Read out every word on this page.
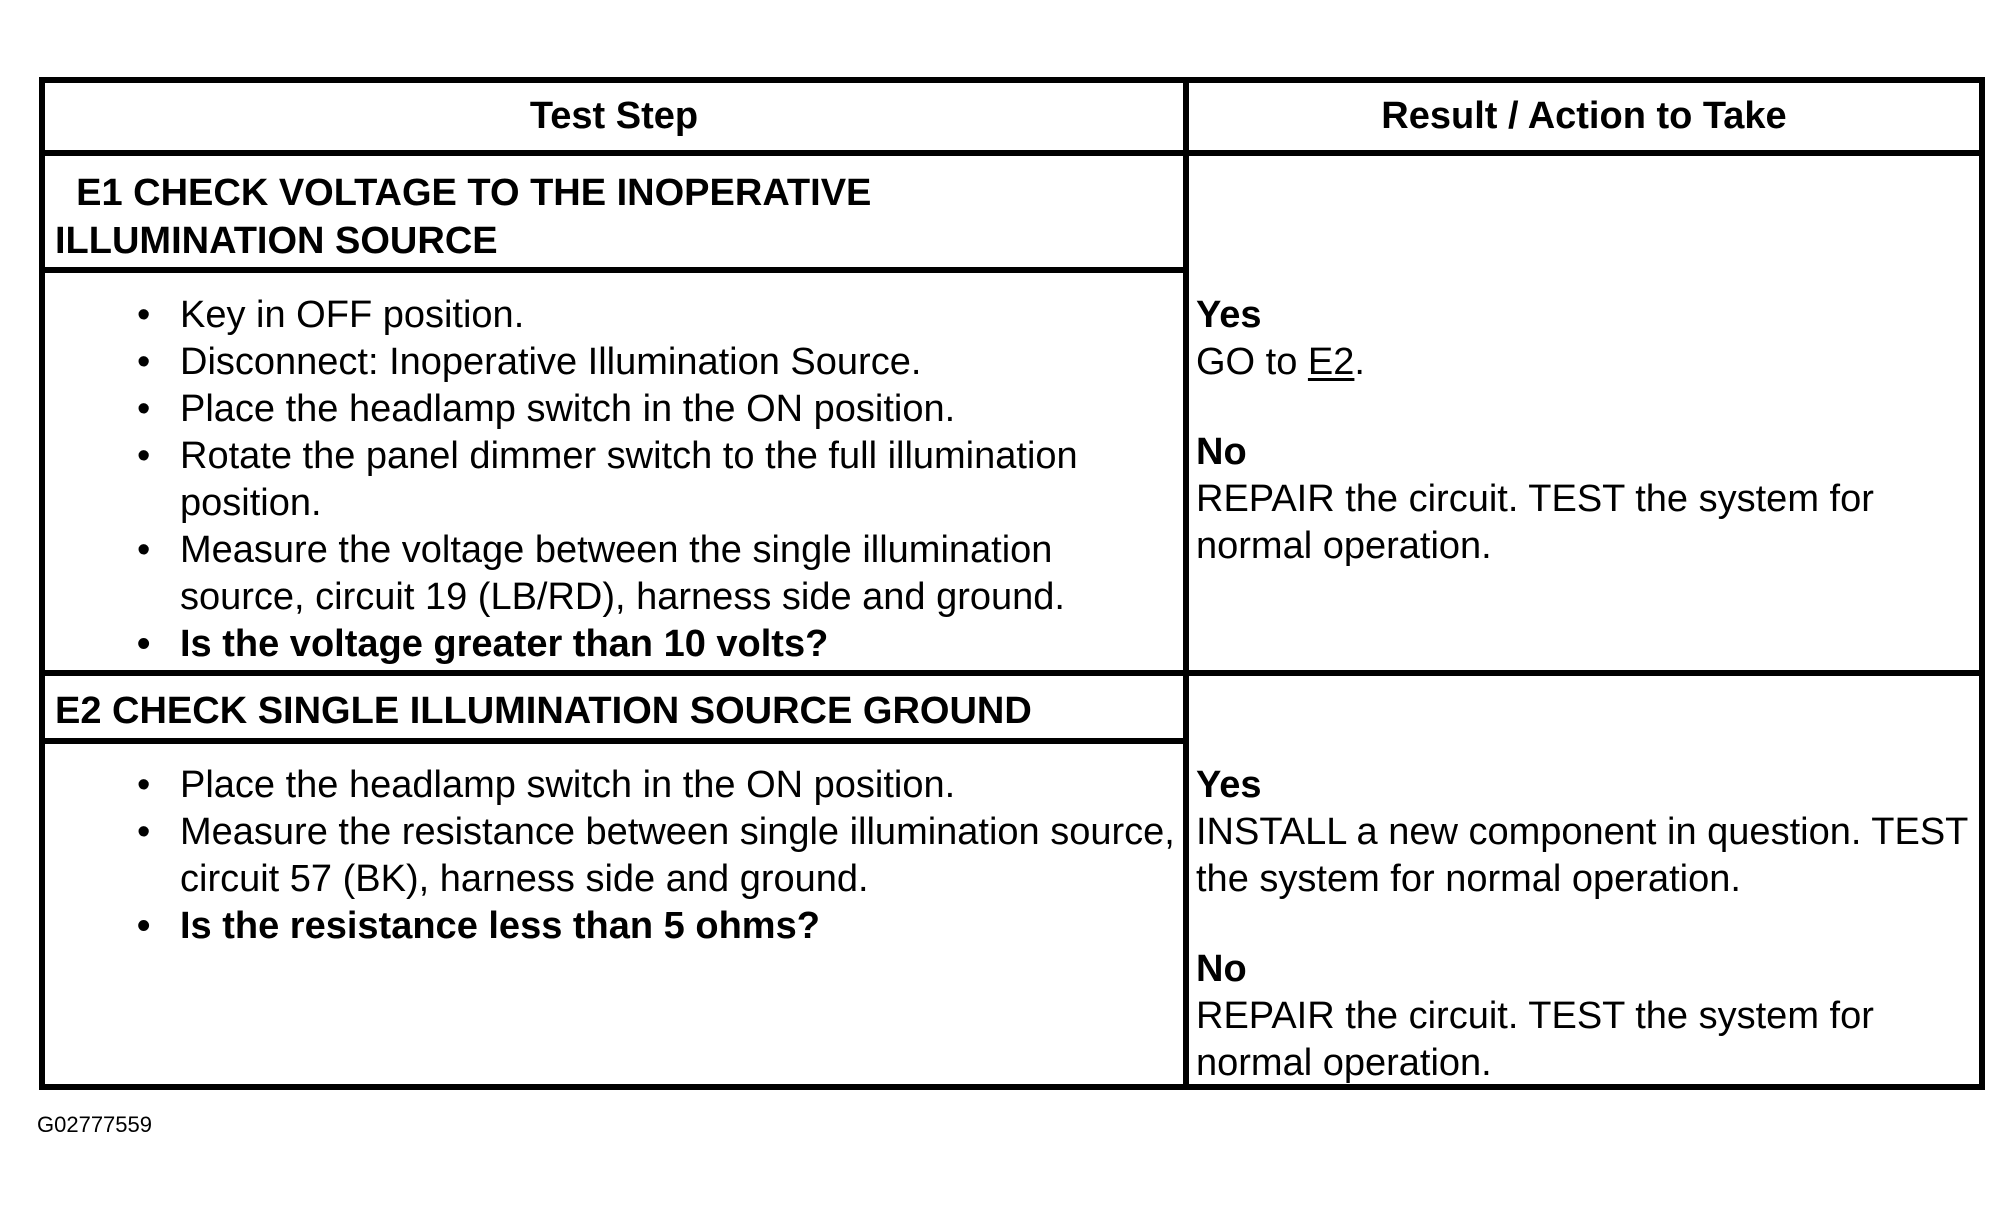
Test Step	Result / Action to Take
E1 CHECK VOLTAGE TO THE INOPERATIVE
ILLUMINATION SOURCE
• Key in OFF position.
• Disconnect: Inoperative Illumination Source.
• Place the headlamp switch in the ON position.
• Rotate the panel dimmer switch to the full illumination position.
• Measure the voltage between the single illumination source, circuit 19 (LB/RD), harness side and ground.
• Is the voltage greater than 10 volts?
Yes
GO to E2.
No
REPAIR the circuit. TEST the system for normal operation.
E2 CHECK SINGLE ILLUMINATION SOURCE GROUND
• Place the headlamp switch in the ON position.
• Measure the resistance between single illumination source, circuit 57 (BK), harness side and ground.
• Is the resistance less than 5 ohms?
Yes
INSTALL a new component in question. TEST the system for normal operation.
No
REPAIR the circuit. TEST the system for normal operation.
G02777559
